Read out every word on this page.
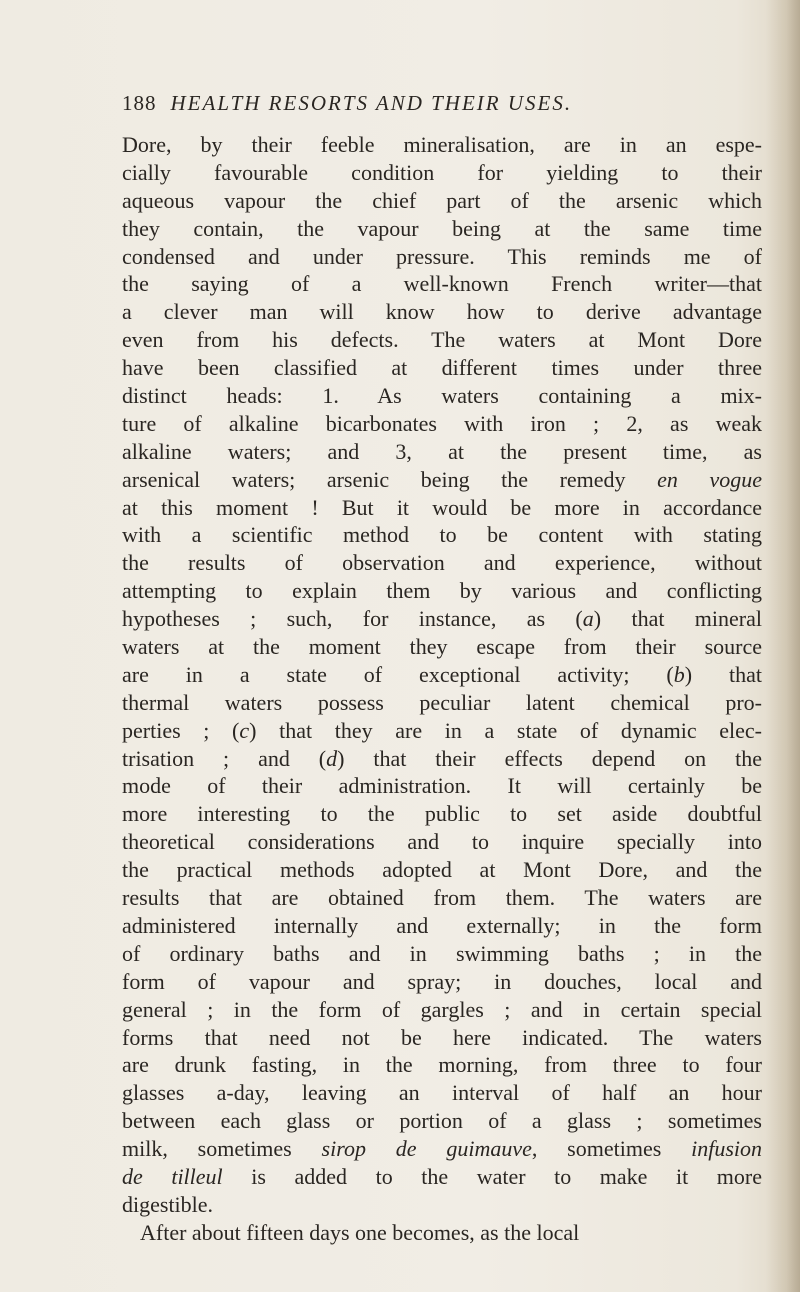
188 HEALTH RESORTS AND THEIR USES.
Dore, by their feeble mineralisation, are in an espe-
cially favourable condition for yielding to their
aqueous vapour the chief part of the arsenic which
they contain, the vapour being at the same time
condensed and under pressure. This reminds me of
the saying of a well-known French writer—that
a clever man will know how to derive advantage
even from his defects. The waters at Mont Dore
have been classified at different times under three
distinct heads: 1. As waters containing a mix-
ture of alkaline bicarbonates with iron ; 2, as weak
alkaline waters; and 3, at the present time, as
arsenical waters; arsenic being the remedy en vogue
at this moment ! But it would be more in accordance
with a scientific method to be content with stating
the results of observation and experience, without
attempting to explain them by various and conflicting
hypotheses ; such, for instance, as (a) that mineral
waters at the moment they escape from their source
are in a state of exceptional activity; (b) that
thermal waters possess peculiar latent chemical pro-
perties ; (c) that they are in a state of dynamic elec-
trisation ; and (d) that their effects depend on the
mode of their administration. It will certainly be
more interesting to the public to set aside doubtful
theoretical considerations and to inquire specially into
the practical methods adopted at Mont Dore, and the
results that are obtained from them. The waters are
administered internally and externally; in the form
of ordinary baths and in swimming baths ; in the
form of vapour and spray; in douches, local and
general ; in the form of gargles ; and in certain special
forms that need not be here indicated. The waters
are drunk fasting, in the morning, from three to four
glasses a-day, leaving an interval of half an hour
between each glass or portion of a glass ; sometimes
milk, sometimes sirop de guimauve, sometimes infusion
de tilleul is added to the water to make it more
digestible.
After about fifteen days one becomes, as the local
